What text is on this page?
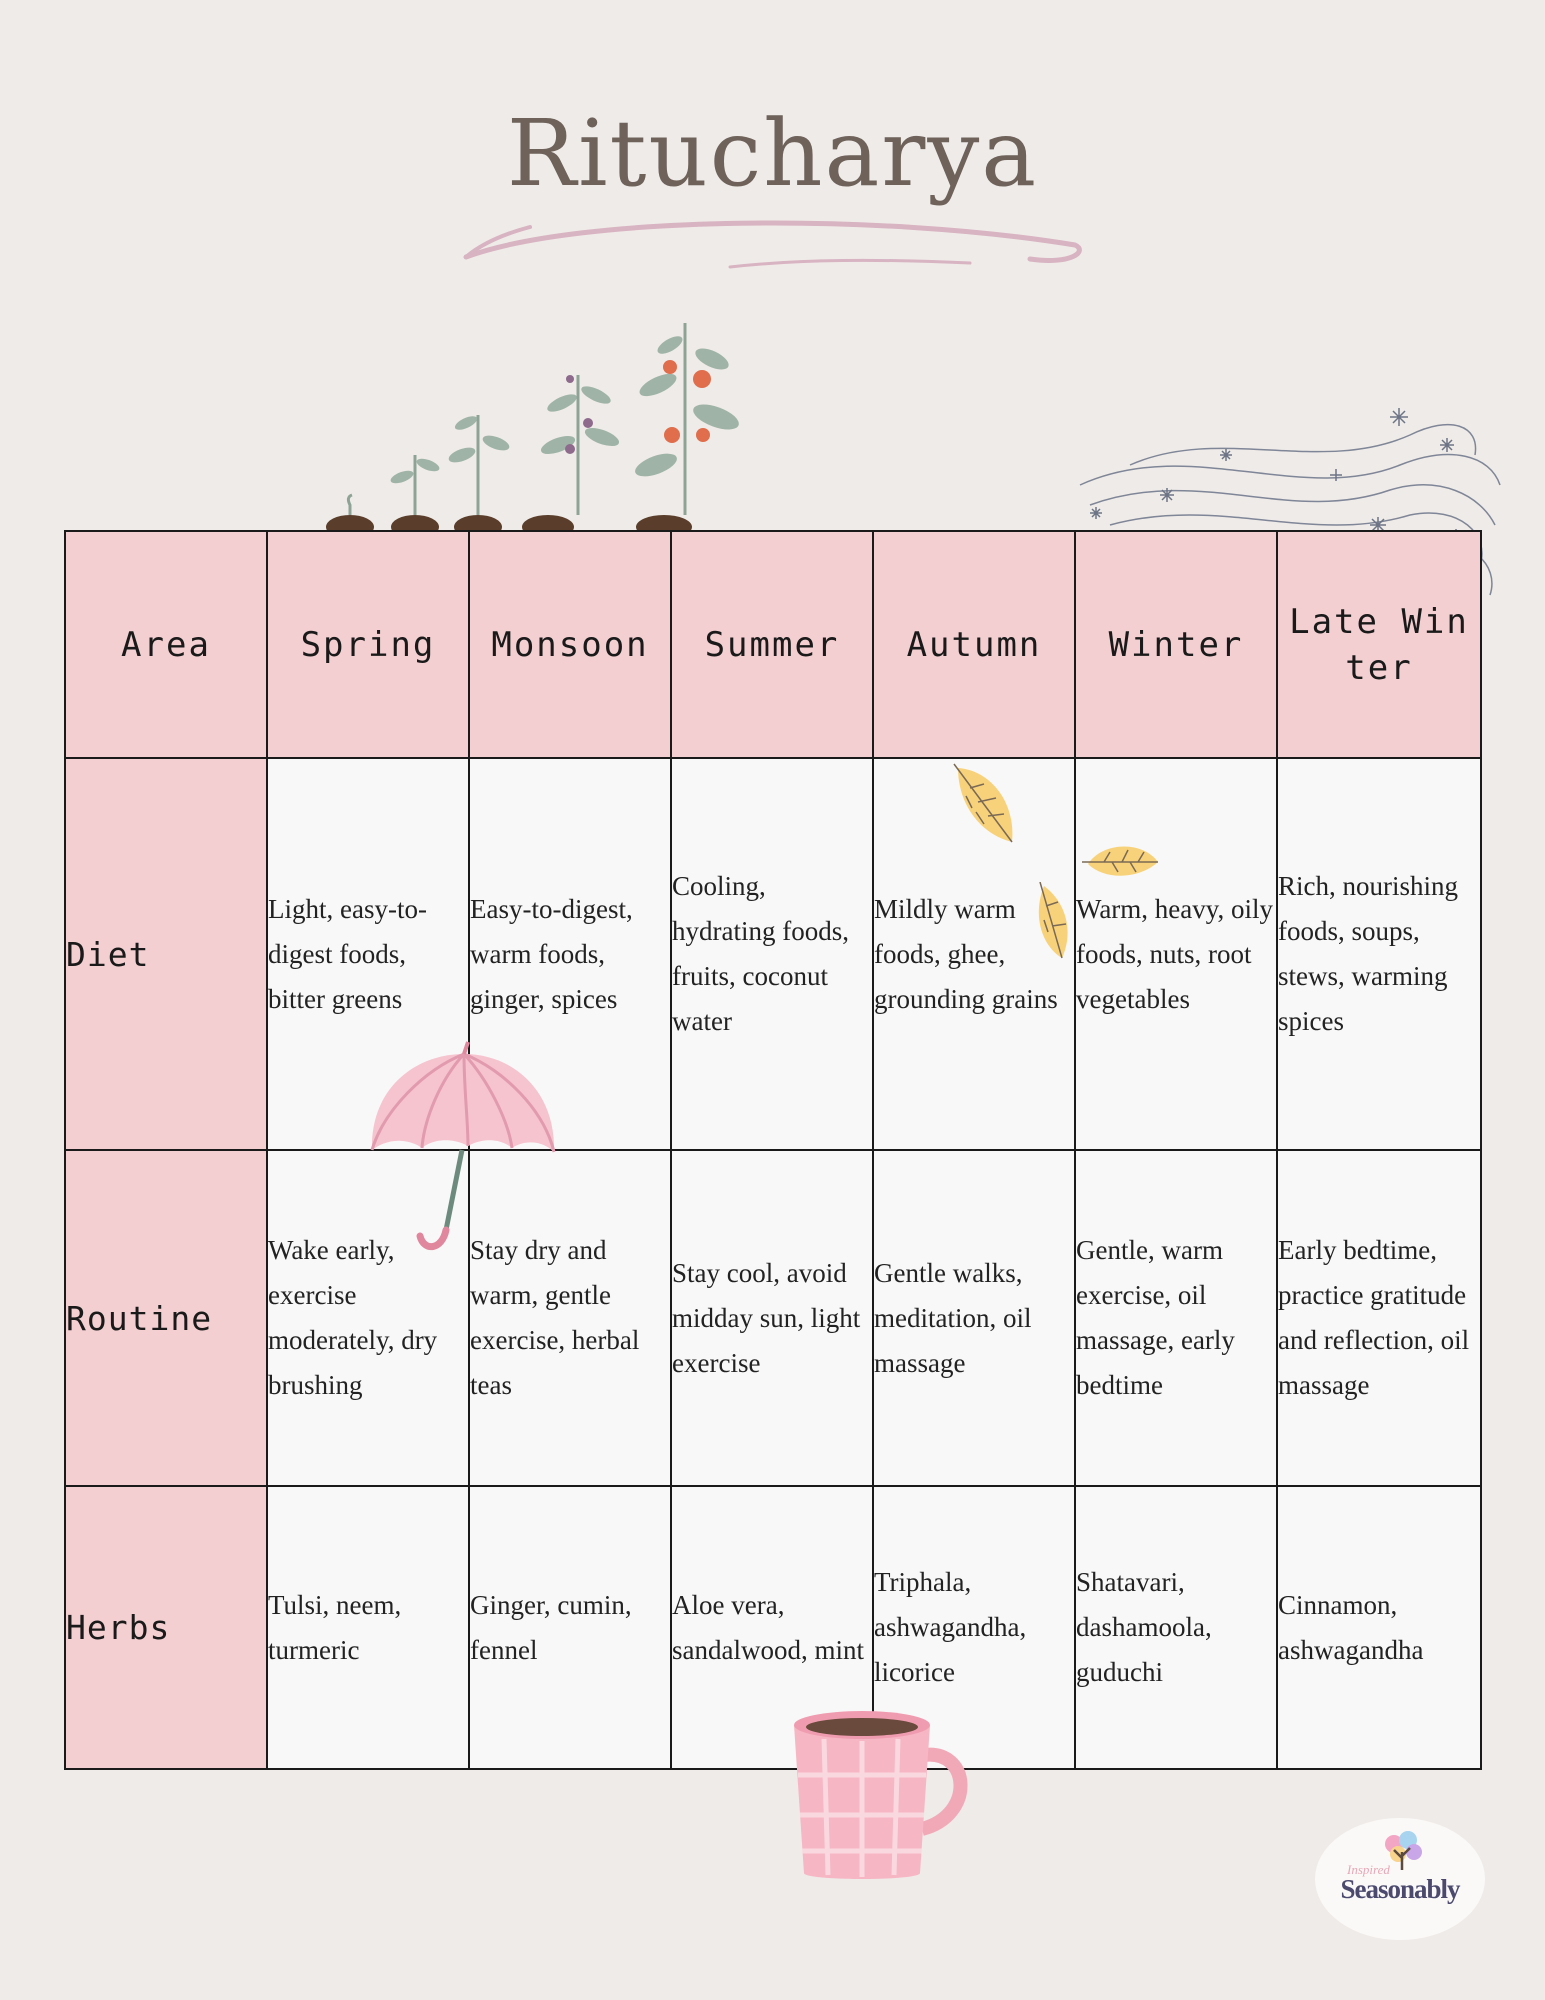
Ritucharya
Area	Spring	Monsoon	Summer	Autumn	Winter	Late Winter
Diet	Light, easy-to-digest foods, bitter greens	Easy-to-digest, warm foods, ginger, spices	Cooling, hydrating foods, fruits, coconut water	Mildly warm foods, ghee, grounding grains	Warm, heavy, oily foods, nuts, root vegetables	Rich, nourishing foods, soups, stews, warming spices
Routine	Wake early, exercise moderately, dry brushing	Stay dry and warm, gentle exercise, herbal teas	Stay cool, avoid midday sun, light exercise	Gentle walks, meditation, oil massage	Gentle, warm exercise, oil massage, early bedtime	Early bedtime, practice gratitude and reflection, oil massage
Herbs	Tulsi, neem, turmeric	Ginger, cumin, fennel	Aloe vera, sandalwood, mint	Triphala, ashwagandha, licorice	Shatavari, dashamoola, guduchi	Cinnamon, ashwagandha
Inspired
Seasonably
